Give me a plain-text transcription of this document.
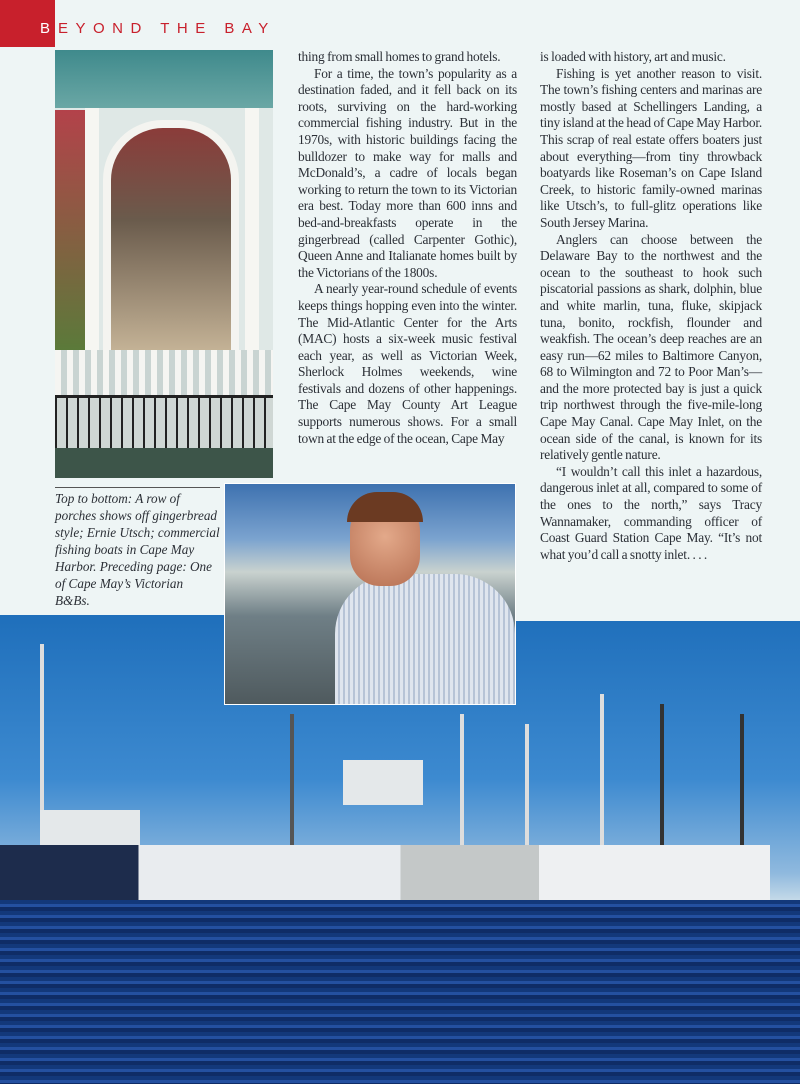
B EYOND THE BAY

thing from small homes to grand hotels.

For a time, the town’s popularity as a destination faded, and it fell back on its roots, surviving on the hard-working commercial fishing industry. But in the 1970s, with historic buildings facing the bulldozer to make way for malls and McDonald’s, a cadre of locals began working to return the town to its Victorian era best. Today more than 600 inns and bed-and-breakfasts operate in the gingerbread (called Carpenter Gothic), Queen Anne and Italianate homes built by the Victorians of the 1800s.

A nearly year-round schedule of events keeps things hopping even into the winter. The Mid-Atlantic Center for the Arts (MAC) hosts a six-week music festival each year, as well as Victorian Week, Sherlock Holmes weekends, wine festivals and dozens of other happenings. The Cape May County Art League supports numerous shows. For a small town at the edge of the ocean, Cape May

is loaded with history, art and music.

Fishing is yet another reason to visit. The town’s fishing centers and marinas are mostly based at Schellingers Landing, a tiny island at the head of Cape May Harbor. This scrap of real estate offers boaters just about everything—from tiny throwback boatyards like Roseman’s on Cape Island Creek, to historic family-owned marinas like Utsch’s, to full-glitz operations like South Jersey Marina.

Anglers can choose between the Delaware Bay to the northwest and the ocean to the southeast to hook such piscatorial passions as shark, dolphin, blue and white marlin, tuna, fluke, skipjack tuna, bonito, rockfish, flounder and weakfish. The ocean’s deep reaches are an easy run—62 miles to Baltimore Canyon, 68 to Wilmington and 72 to Poor Man’s—and the more protected bay is just a quick trip northwest through the five-mile-long Cape May Canal. Cape May Inlet, on the ocean side of the canal, is known for its relatively gentle nature.

“I wouldn’t call this inlet a hazardous, dangerous inlet at all, compared to some of the ones to the north,” says Tracy Wannamaker, commanding officer of Coast Guard Station Cape May. “It’s not what you’d call a snotty inlet. . . .

Top to bottom: A row of porches shows off gingerbread style; Ernie Utsch; commercial fishing boats in Cape May Harbor. Preceding page: One of Cape May’s Victorian B&Bs.
